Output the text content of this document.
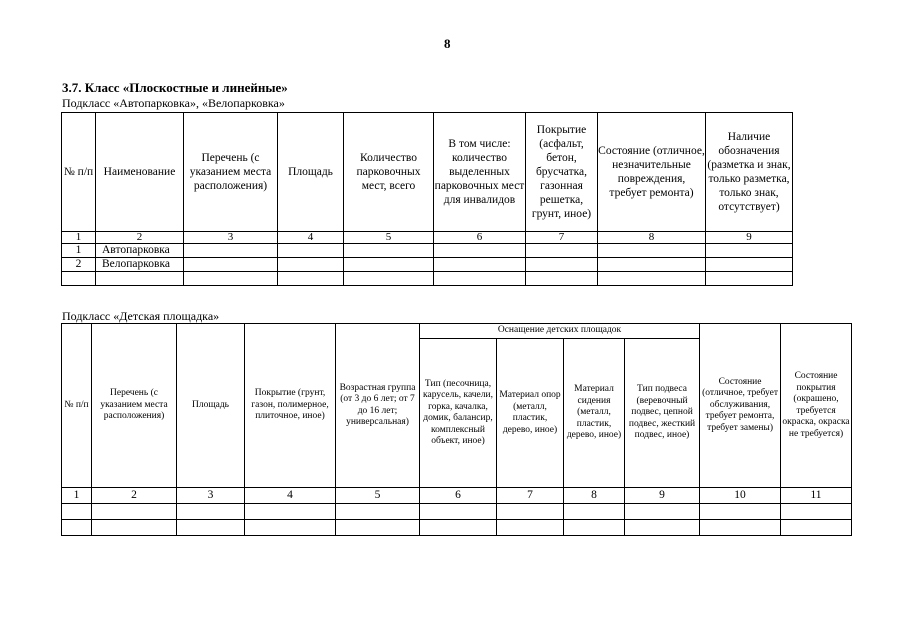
8
3.7. Класс «Плоскостные и линейные»
Подкласс «Автопарковка», «Велопарковка»
№ п/п	Наименование	Перечень (с указанием места расположения)	Площадь	Количество парковочных мест, всего	В том числе: количество выделенных парковочных мест для инвалидов	Покрытие (асфальт, бетон, брусчатка, газонная решетка, грунт, иное)	Состояние (отличное, незначительные повреждения, требует ремонта)	Наличие обозначения (разметка и знак, только разметка, только знак, отсутствует)
1	2	3	4	5	6	7	8	9
1	Автопарковка							
2	Велопарковка							

Подкласс «Детская площадка»
№ п/п	Перечень (с указанием места расположения)	Площадь	Покрытие (грунт, газон, полимерное, плиточное, иное)	Возрастная группа (от 3 до 6 лет; от 7 до 16 лет; универсальная)	Оснащение детских площадок				Состояние (отличное, требует обслуживания, требует ремонта, требует замены)	Состояние покрытия (окрашено, требуется окраска, окраска не требуется)
					Тип (песочница, карусель, качели, горка, качалка, домик, балансир, комплексный объект, иное)	Материал опор (металл, пластик, дерево, иное)	Материал сидения (металл, пластик, дерево, иное)	Тип подвеса (веревочный подвес, цепной подвес, жесткий подвес, иное)		
1	2	3	4	5	6	7	8	9	10	11
